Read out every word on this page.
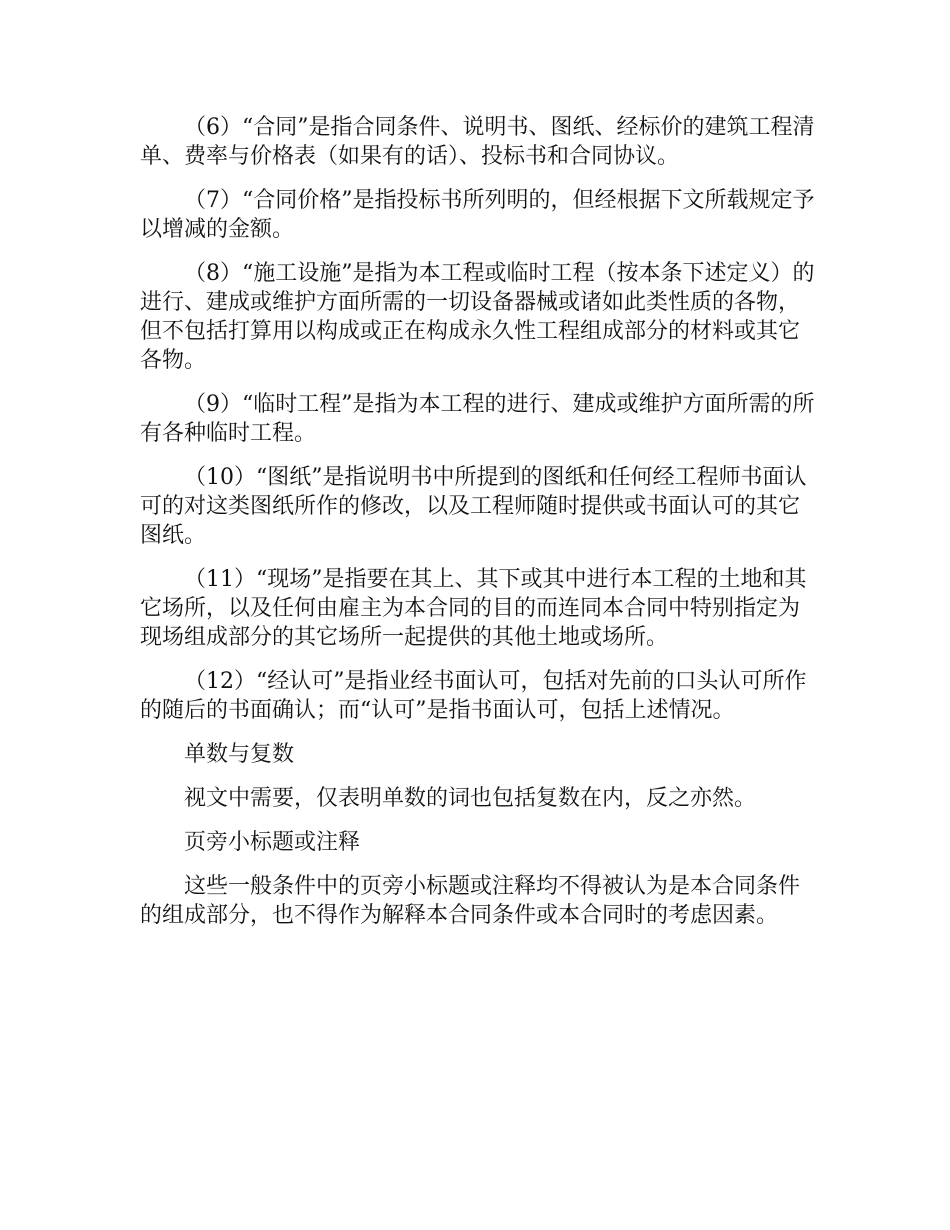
（6）“合同”是指合同条件、说明书、图纸、经标价的建筑工程清单、费率与价格表（如果有的话）、投标书和合同协议。

（7）“合同价格”是指投标书所列明的，但经根据下文所载规定予以增减的金额。

（8）“施工设施”是指为本工程或临时工程（按本条下述定义）的进行、建成或维护方面所需的一切设备器械或诸如此类性质的各物，但不包括打算用以构成或正在构成永久性工程组成部分的材料或其它各物。

（9）“临时工程”是指为本工程的进行、建成或维护方面所需的所有各种临时工程。

（10）“图纸”是指说明书中所提到的图纸和任何经工程师书面认可的对这类图纸所作的修改，以及工程师随时提供或书面认可的其它图纸。

（11）“现场”是指要在其上、其下或其中进行本工程的土地和其它场所，以及任何由雇主为本合同的目的而连同本合同中特别指定为现场组成部分的其它场所一起提供的其他土地或场所。

（12）“经认可”是指业经书面认可，包括对先前的口头认可所作的随后的书面确认；而“认可”是指书面认可，包括上述情况。

单数与复数

视文中需要，仅表明单数的词也包括复数在内，反之亦然。

页旁小标题或注释

这些一般条件中的页旁小标题或注释均不得被认为是本合同条件的组成部分，也不得作为解释本合同条件或本合同时的考虑因素。
